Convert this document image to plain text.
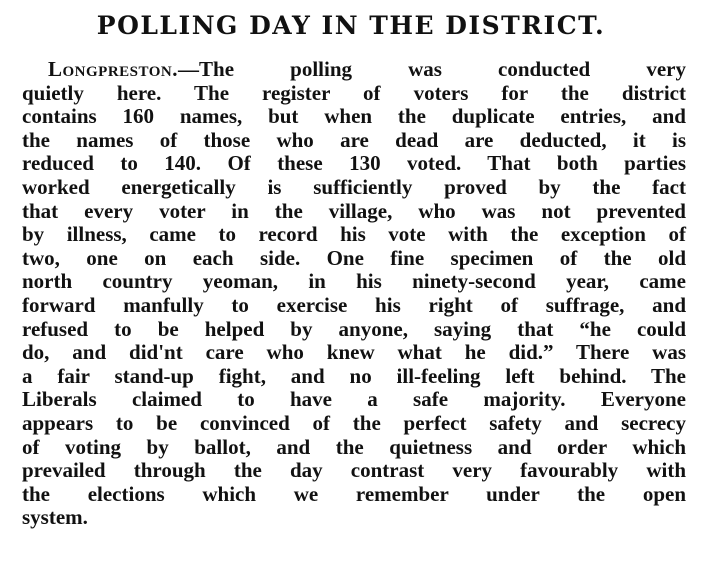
POLLING DAY IN THE DISTRICT.

Longpreston.—The polling was conducted very
quietly here. The register of voters for the district
contains 160 names, but when the duplicate entries, and
the names of those who are dead are deducted, it is
reduced to 140. Of these 130 voted. That both parties
worked energetically is sufficiently proved by the fact
that every voter in the village, who was not prevented
by illness, came to record his vote with the exception of
two, one on each side. One fine specimen of the old
north country yeoman, in his ninety-second year, came
forward manfully to exercise his right of suffrage, and
refused to be helped by anyone, saying that “he could
do, and did'nt care who knew what he did.” There was
a fair stand-up fight, and no ill-feeling left behind. The
Liberals claimed to have a safe majority. Everyone
appears to be convinced of the perfect safety and secrecy
of voting by ballot, and the quietness and order which
prevailed through the day contrast very favourably with
the elections which we remember under the open
system.
